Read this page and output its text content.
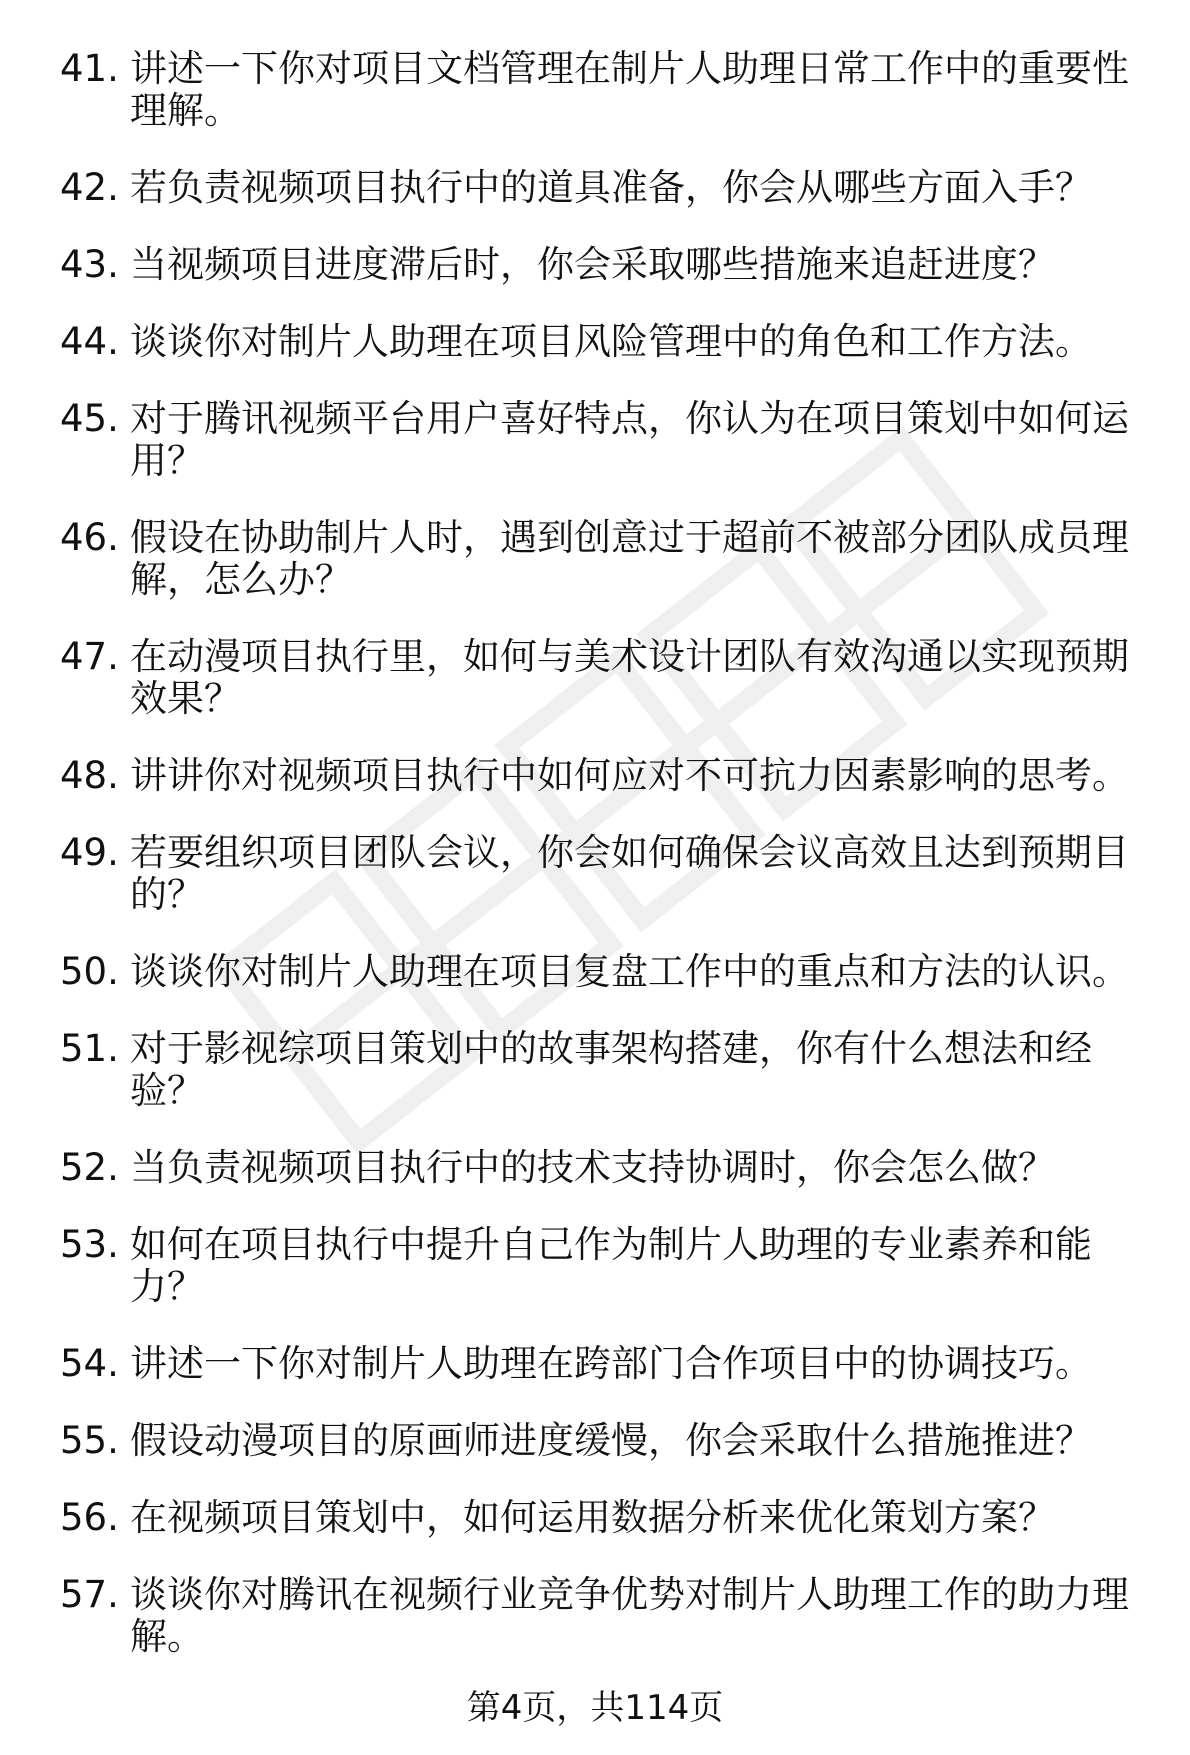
41. 讲述一下你对项目文档管理在制片人助理日常工作中的重要性理解。
42. 若负责视频项目执行中的道具准备，你会从哪些方面入手？
43. 当视频项目进度滞后时，你会采取哪些措施来追赶进度？
44. 谈谈你对制片人助理在项目风险管理中的角色和工作方法。
45. 对于腾讯视频平台用户喜好特点，你认为在项目策划中如何运用？
46. 假设在协助制片人时，遇到创意过于超前不被部分团队成员理解，怎么办？
47. 在动漫项目执行里，如何与美术设计团队有效沟通以实现预期效果？
48. 讲讲你对视频项目执行中如何应对不可抗力因素影响的思考。
49. 若要组织项目团队会议，你会如何确保会议高效且达到预期目的？
50. 谈谈你对制片人助理在项目复盘工作中的重点和方法的认识。
51. 对于影视综项目策划中的故事架构搭建，你有什么想法和经验？
52. 当负责视频项目执行中的技术支持协调时，你会怎么做？
53. 如何在项目执行中提升自己作为制片人助理的专业素养和能力？
54. 讲述一下你对制片人助理在跨部门合作项目中的协调技巧。
55. 假设动漫项目的原画师进度缓慢，你会采取什么措施推进？
56. 在视频项目策划中，如何运用数据分析来优化策划方案？
57. 谈谈你对腾讯在视频行业竞争优势对制片人助理工作的助力理解。
第4页，共114页
